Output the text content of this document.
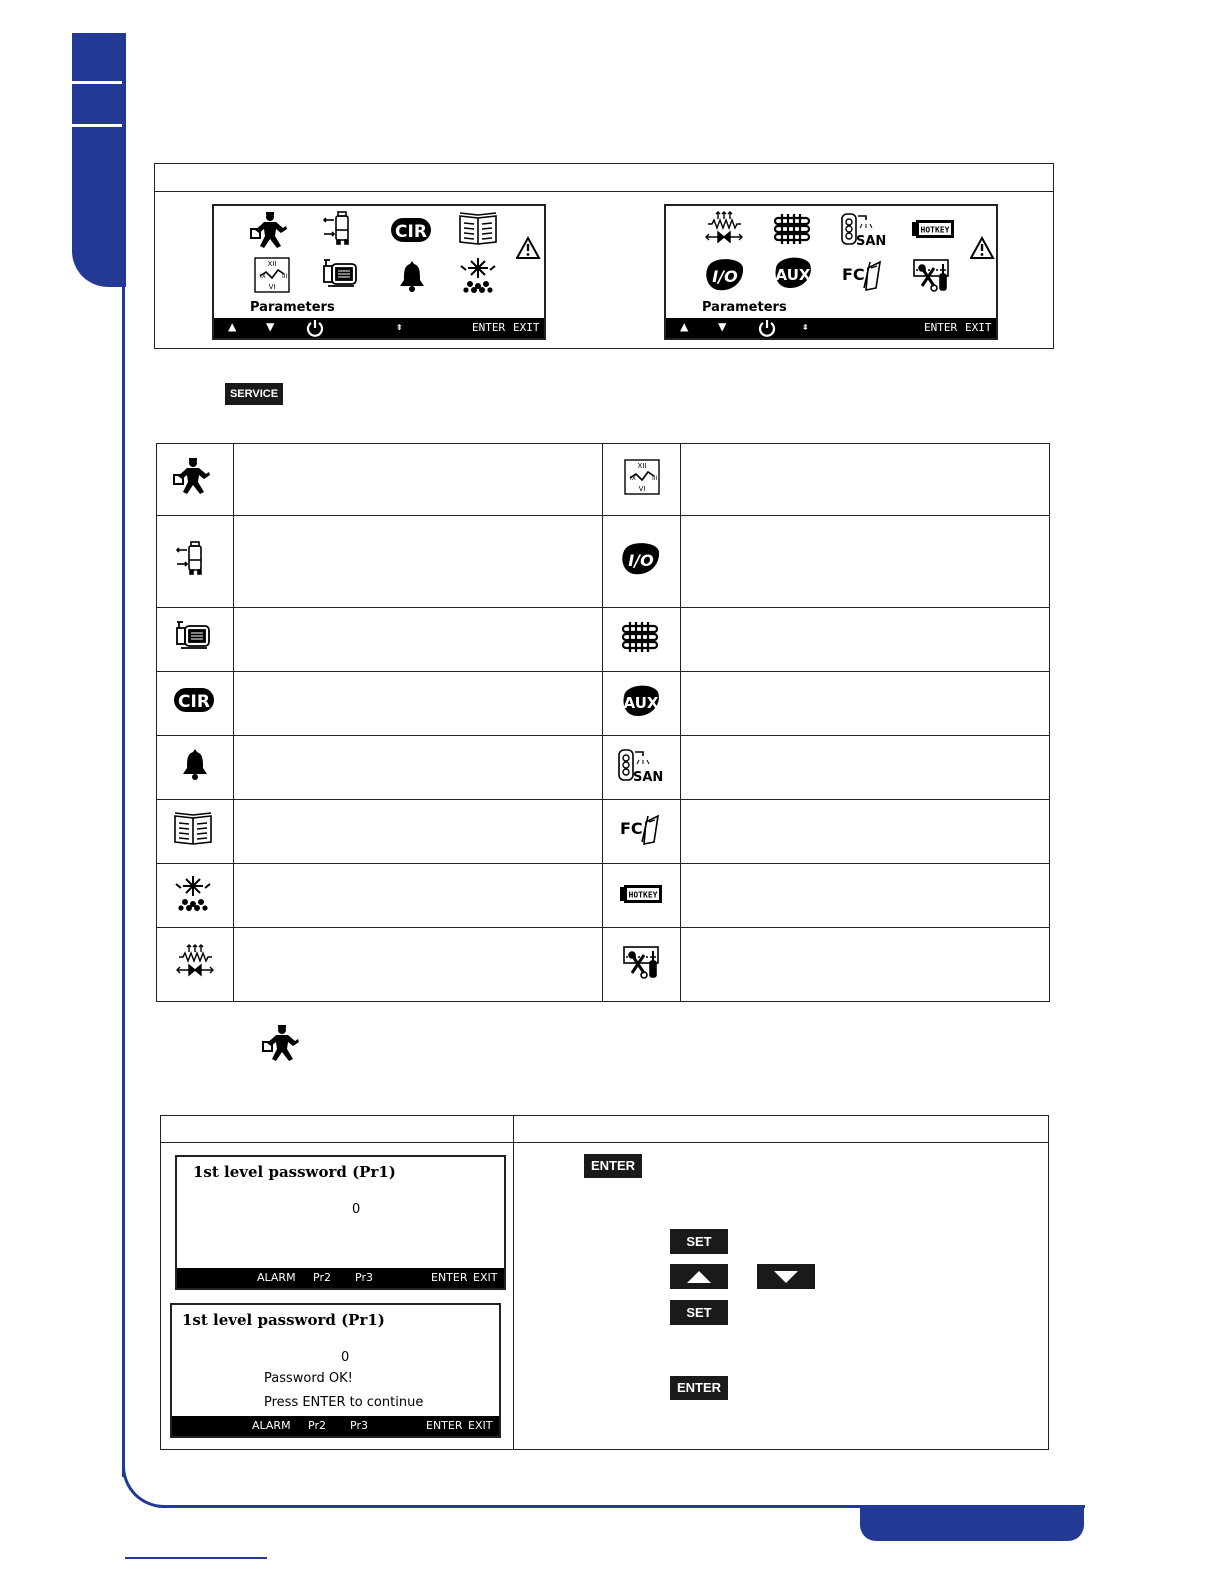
Parameters
▲ ▼	⇟	ENTER EXIT
Parameters
▲ ▼	⇞	ENTER EXIT
SERVICE

1st level password (Pr1)
0
ALARM Pr2 Pr3	ENTER EXIT
1st level password (Pr1)
0
Password OK!
Press ENTER to continue
ALARM Pr2 Pr3	ENTER EXIT
ENTER
SET
SET
ENTER
